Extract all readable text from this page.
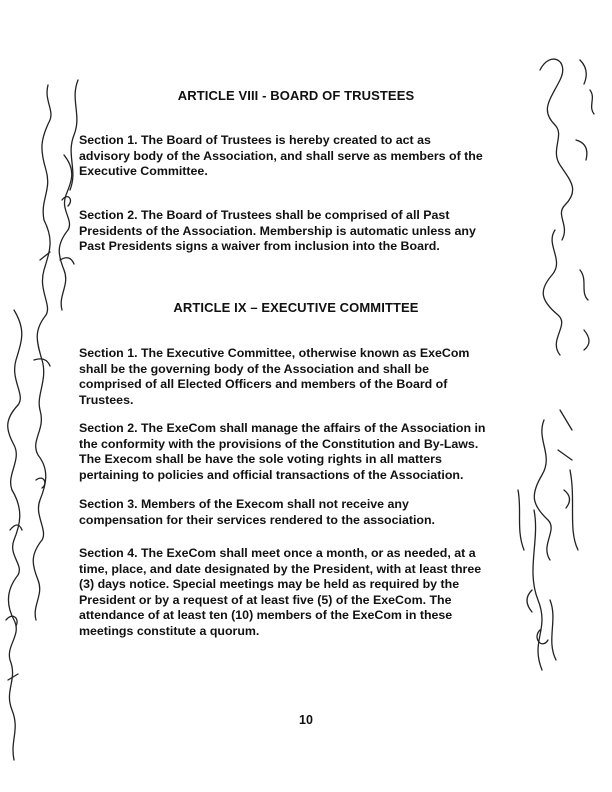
ARTICLE VIII - BOARD OF TRUSTEES

Section 1. The Board of Trustees is hereby created to act as
advisory body of the Association, and shall serve as members of the
Executive Committee.

Section 2. The Board of Trustees shall be comprised of all Past
Presidents of the Association. Membership is automatic unless any
Past Presidents signs a waiver from inclusion into the Board.

ARTICLE IX – EXECUTIVE COMMITTEE

Section 1. The Executive Committee, otherwise known as ExeCom
shall be the governing body of the Association and shall be
comprised of all Elected Officers and members of the Board of
Trustees.

Section 2. The ExeCom shall manage the affairs of the Association in
the conformity with the provisions of the Constitution and By-Laws.
The Execom shall be have the sole voting rights in all matters
pertaining to policies and official transactions of the Association.

Section 3. Members of the Execom shall not receive any
compensation for their services rendered to the association.

Section 4. The ExeCom shall meet once a month, or as needed, at a
time, place, and date designated by the President, with at least three
(3) days notice. Special meetings may be held as required by the
President or by a request of at least five (5) of the ExeCom. The
attendance of at least ten (10) members of the ExeCom in these
meetings constitute a quorum.

10
